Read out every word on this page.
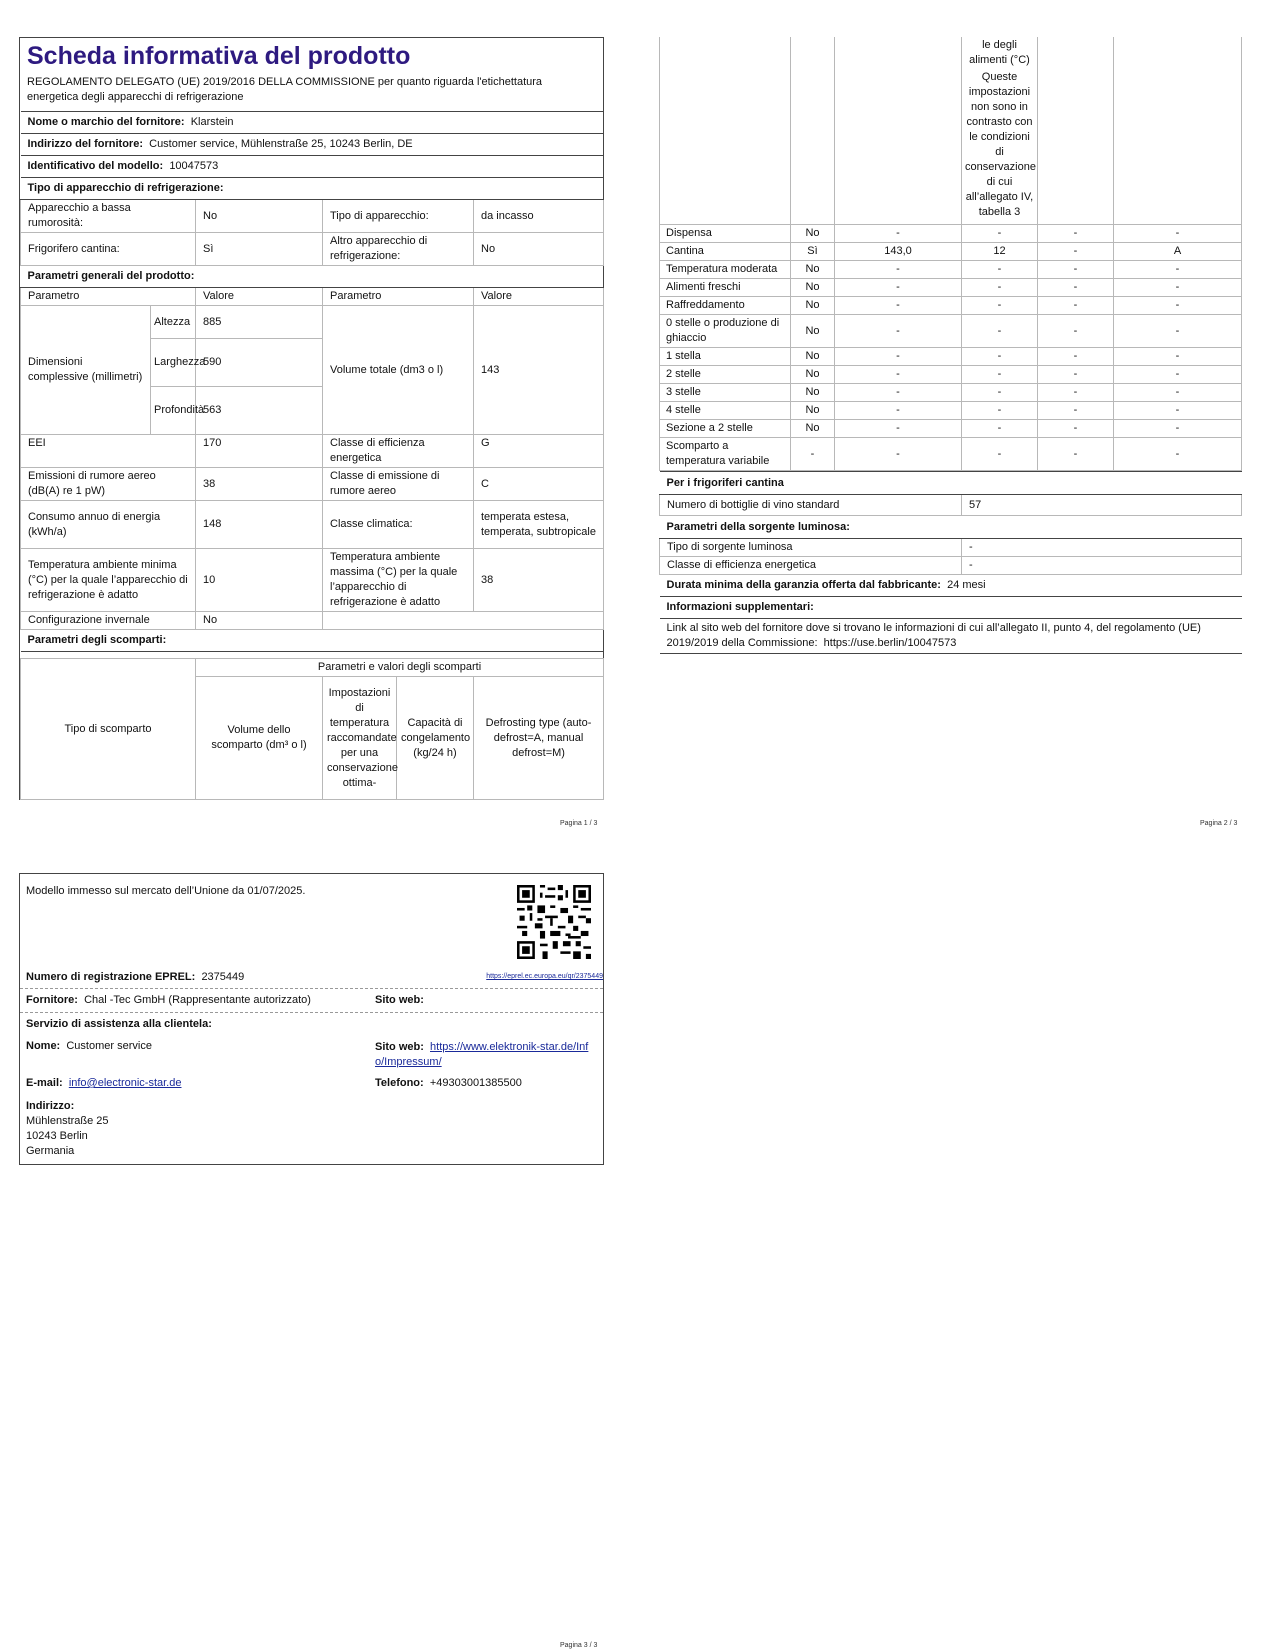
Scheda informativa del prodotto
REGOLAMENTO DELEGATO (UE) 2019/2016 DELLA COMMISSIONE per quanto riguarda l'etichettatura energetica degli apparecchi di refrigerazione
Nome o marchio del fornitore: Klarstein				
Indirizzo del fornitore: Customer service, Mühlenstraße 25, 10243 Berlin, DE				
Identificativo del modello: 10047573				
Tipo di apparecchio di refrigerazione:				
Apparecchio a bassa rumorosità:		No	Tipo di apparecchio:	da incasso
Frigorifero cantina:		Sì	Altro apparecchio di refrigerazione:	No
Parametri generali del prodotto:				
Parametro		Valore	Parametro	Valore
Dimensioni complessive (millimetri)	Altezza	885	Volume totale (dm3 o l)	143
	Larghezza	590		
	Profondità	563		
EEI		170	Classe di efficienza energetica	G
Emissioni di rumore aereo (dB(A) re 1 pW)		38	Classe di emissione di rumore aereo	C
Consumo annuo di energia (kWh/a)		148	Classe climatica:	temperata estesa, temperata, subtropicale
Temperatura ambiente minima (°C) per la quale l’apparecchio di refrigerazione è adatto		10	Temperatura ambiente massima (°C) per la quale l’apparecchio di refrigerazione è adatto	38
Configurazione invernale		No		
Parametri degli scomparti:				
Tipo di scomparto	Parametri e valori degli scomparti			
	Volume dello scomparto (dm³ o l)	Impostazioni di temperatura raccomandate per una conservazione ottima-	Capacità di congelamento (kg/24 h)	Defrosting type (auto-defrost=A, manual defrost=M)
Pagina 1 / 3

			le degli alimenti (°C)
Queste impostazioni non sono in contrasto con le condizioni di conservazione di cui all’allegato IV, tabella 3		

Dispensa	No	-	-	-	-
Cantina	Sì	143,0	12	-	A
Temperatura moderata	No	-	-	-	-
Alimenti freschi	No	-	-	-	-
Raffreddamento	No	-	-	-	-
0 stelle o produzione di ghiaccio	No	-	-	-	-
1 stella	No	-	-	-	-
2 stelle	No	-	-	-	-
3 stelle	No	-	-	-	-
4 stelle	No	-	-	-	-
Sezione a 2 stelle	No	-	-	-	-
Scomparto a temperatura variabile	-	-	-	-	-
Per i frigoriferi cantina	
Numero di bottiglie di vino standard	57
Parametri della sorgente luminosa:	
Tipo di sorgente luminosa	-
Classe di efficienza energetica	-
Durata minima della garanzia offerta dal fabbricante: 24 mesi	
Informazioni supplementari:	
Link al sito web del fornitore dove si trovano le informazioni di cui all’allegato II, punto 4, del regolamento (UE) 2019/2019 della Commissione: https://use.berlin/10047573	
Pagina 2 / 3
Modello immesso sul mercato dell’Unione da 01/07/2025.
Numero di registrazione EPREL: 2375449	https://eprel.ec.europa.eu/qr/2375449
Fornitore: Chal -Tec GmbH (Rappresentante autorizzato)	Sito web:
Servizio di assistenza alla clientela:
Nome: Customer service	Sito web: https://www.elektronik-star.de/Info/Impressum/
E-mail: info@electronic-star.de	Telefono: +49303001385500
Indirizzo:
Mühlenstraße 25
10243 Berlin
Germania
Pagina 3 / 3
